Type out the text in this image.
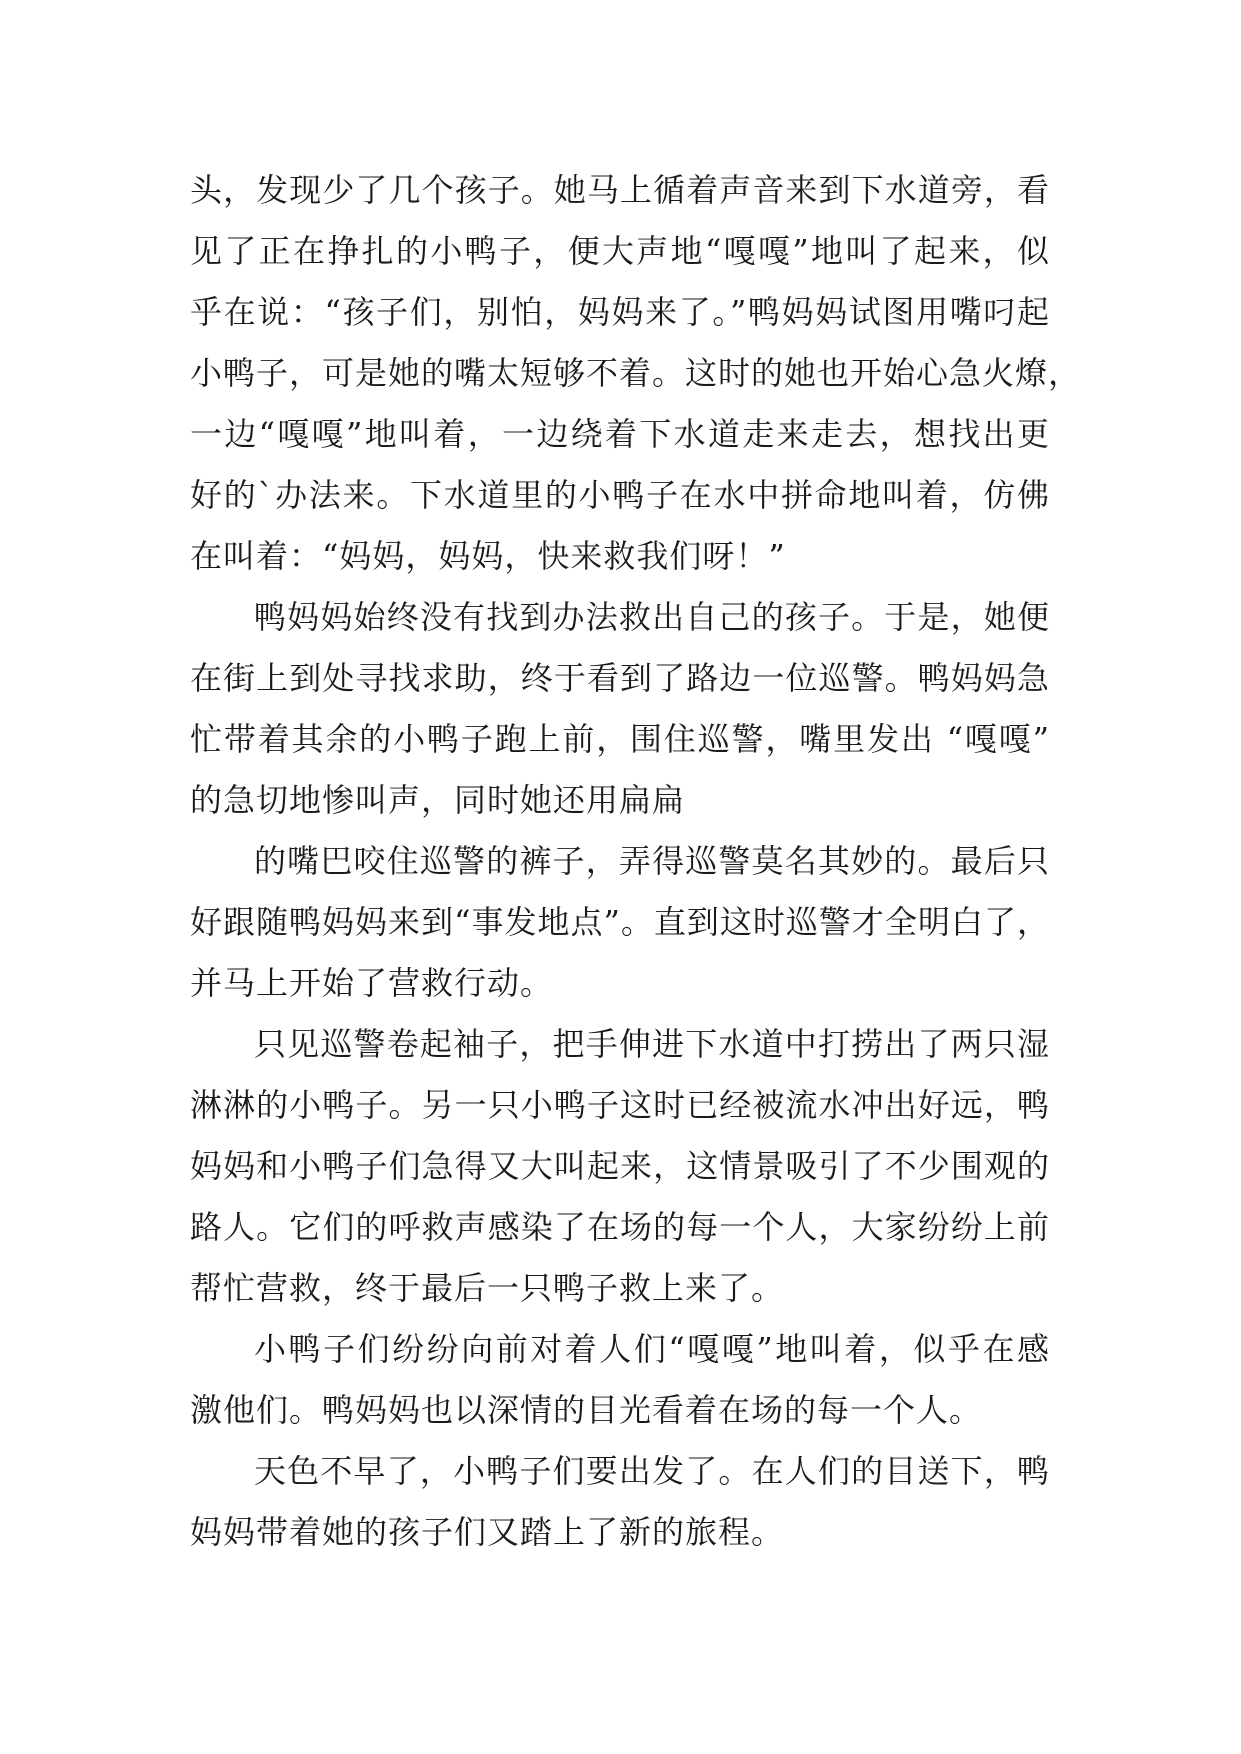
头，发现少了几个孩子。她马上循着声音来到下水道旁，看
见了正在挣扎的小鸭子，便大声地“嘎嘎”地叫了起来，似
乎在说：“孩子们，别怕，妈妈来了。”鸭妈妈试图用嘴叼起
小鸭子，可是她的嘴太短够不着。这时的她也开始心急火燎，
一边“嘎嘎”地叫着，一边绕着下水道走来走去，想找出更
好的`办法来。下水道里的小鸭子在水中拼命地叫着，仿佛
在叫着：“妈妈，妈妈，快来救我们呀！”
鸭妈妈始终没有找到办法救出自己的孩子。于是，她便
在街上到处寻找求助，终于看到了路边一位巡警。鸭妈妈急
忙带着其余的小鸭子跑上前，围住巡警，嘴里发出 “嘎嘎”
的急切地惨叫声，同时她还用扁扁
的嘴巴咬住巡警的裤子，弄得巡警莫名其妙的。最后只
好跟随鸭妈妈来到“事发地点”。直到这时巡警才全明白了，
并马上开始了营救行动。
只见巡警卷起袖子，把手伸进下水道中打捞出了两只湿
淋淋的小鸭子。另一只小鸭子这时已经被流水冲出好远，鸭
妈妈和小鸭子们急得又大叫起来，这情景吸引了不少围观的
路人。它们的呼救声感染了在场的每一个人，大家纷纷上前
帮忙营救，终于最后一只鸭子救上来了。
小鸭子们纷纷向前对着人们“嘎嘎”地叫着，似乎在感
激他们。鸭妈妈也以深情的目光看着在场的每一个人。
天色不早了，小鸭子们要出发了。在人们的目送下，鸭
妈妈带着她的孩子们又踏上了新的旅程。
